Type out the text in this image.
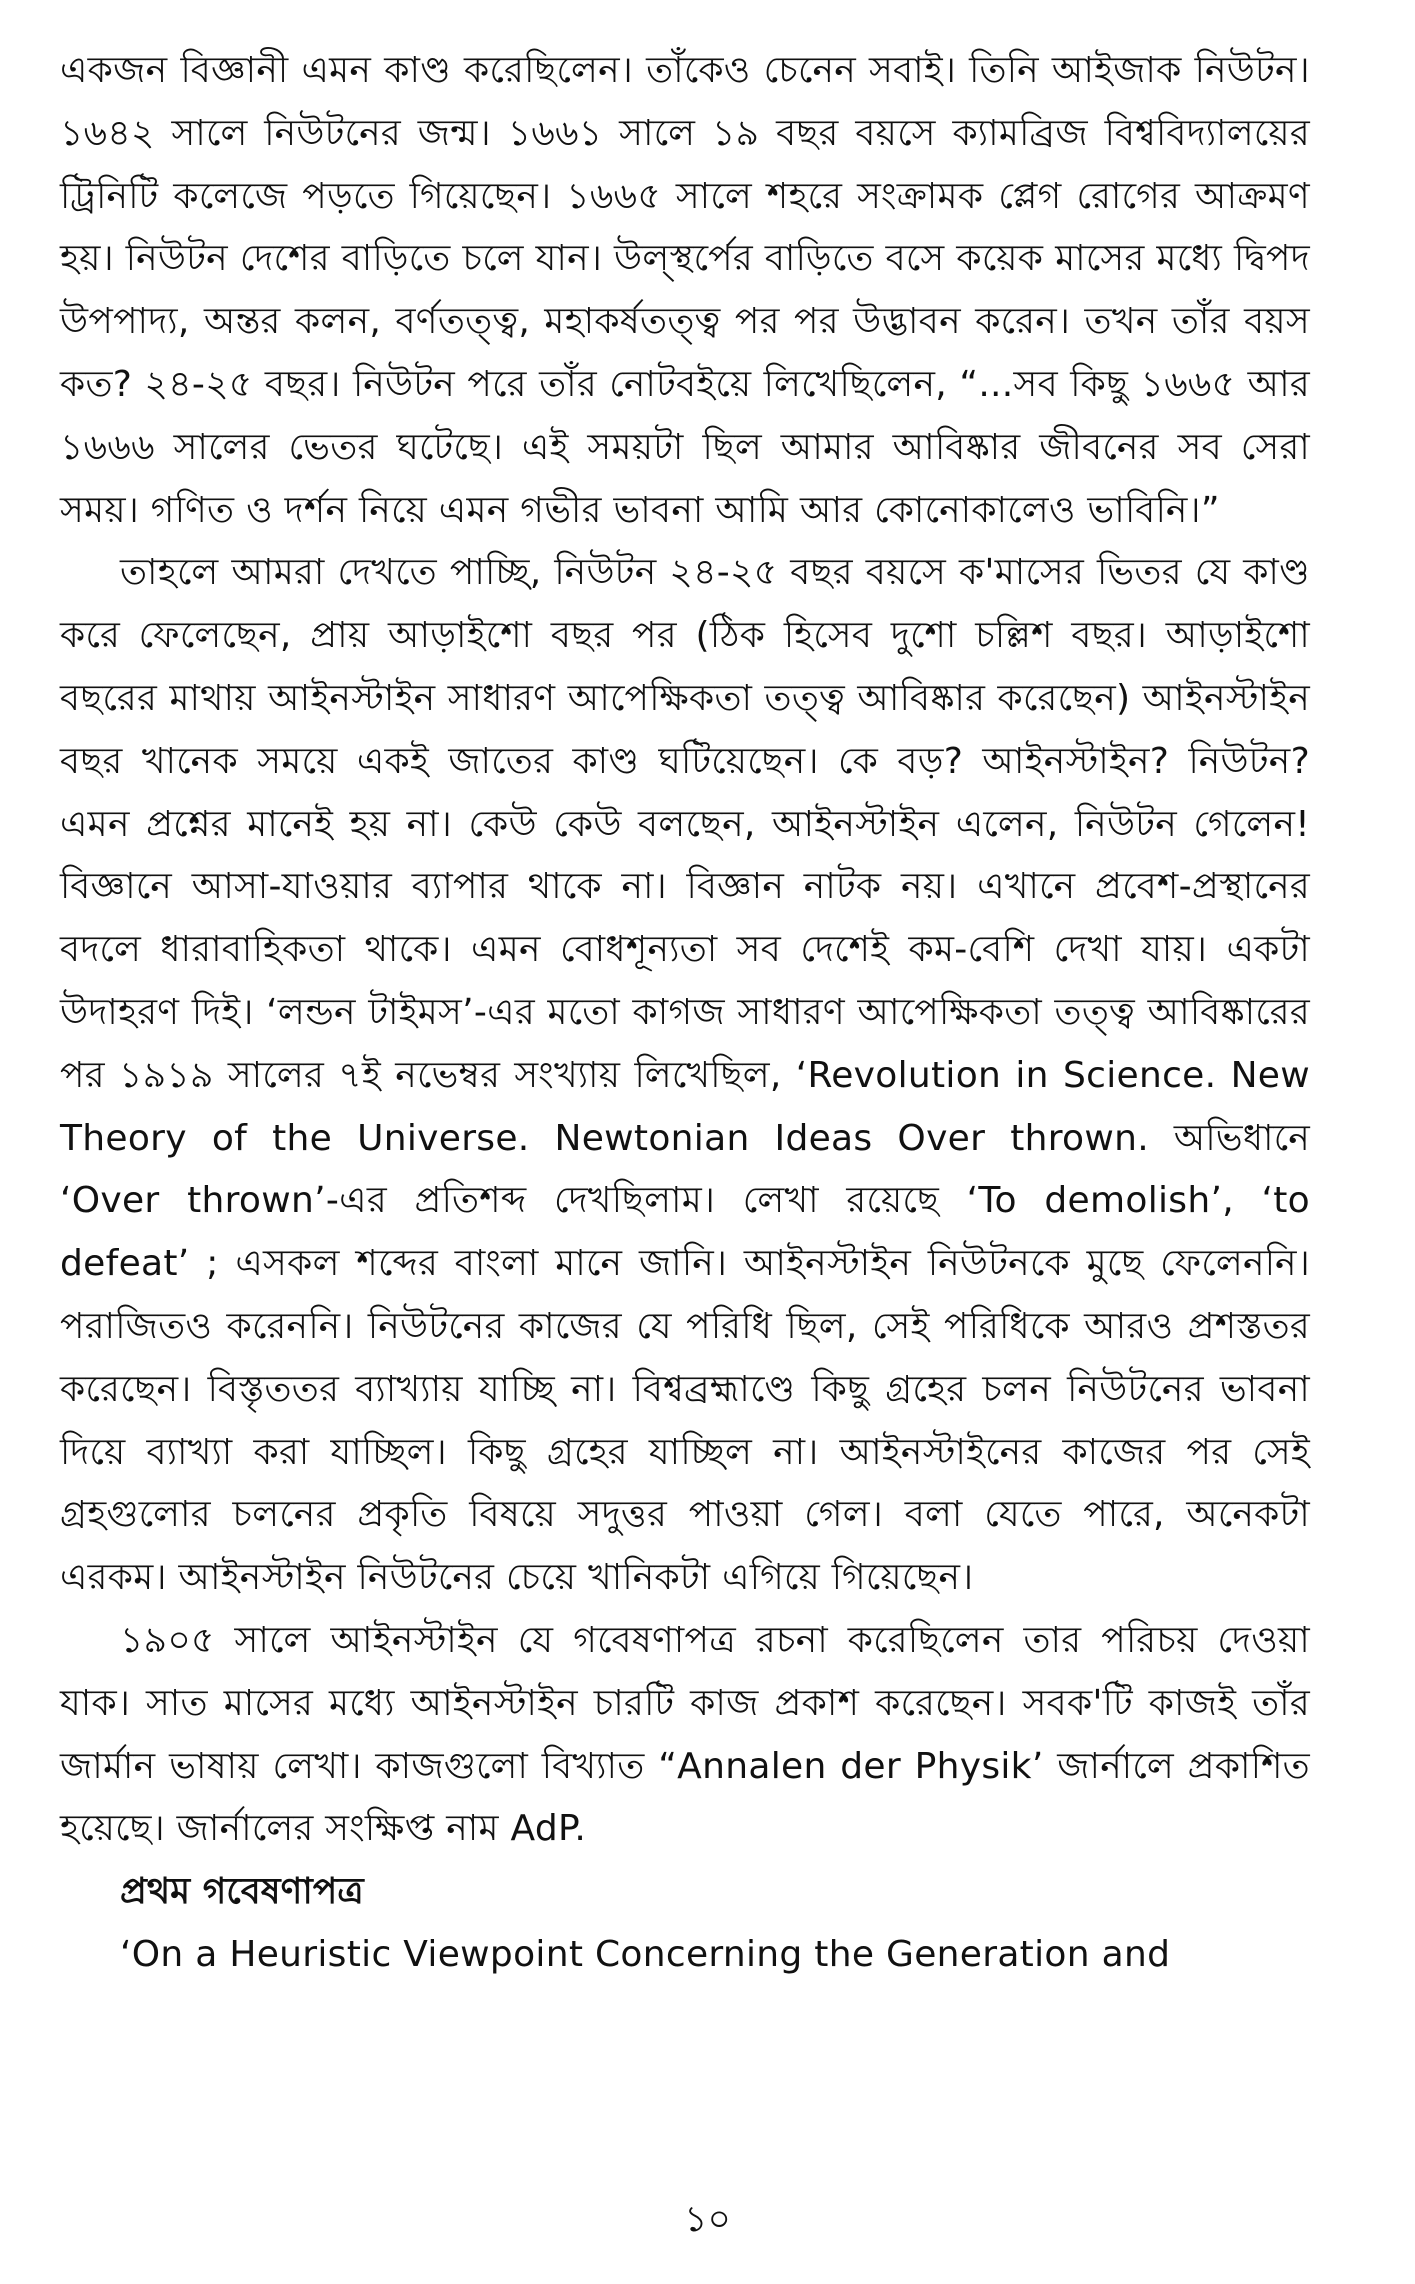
একজন বিজ্ঞানী এমন কাণ্ড করেছিলেন। তাঁকেও চেনেন সবাই। তিনি আইজাক নিউটন। ১৬৪২ সালে নিউটনের জন্ম। ১৬৬১ সালে ১৯ বছর বয়সে ক্যামব্রিজ বিশ্ববিদ্যালয়ের ট্রিনিটি কলেজে পড়তে গিয়েছেন। ১৬৬৫ সালে শহরে সংক্রামক প্লেগ রোগের আক্রমণ হয়। নিউটন দেশের বাড়িতে চলে যান। উল্‌স্থর্পের বাড়িতে বসে কয়েক মাসের মধ্যে দ্বিপদ উপপাদ্য, অন্তর কলন, বর্ণতত্ত্ব, মহাকর্ষতত্ত্ব পর পর উদ্ভাবন করেন। তখন তাঁর বয়স কত? ২৪-২৫ বছর। নিউটন পরে তাঁর নোটবইয়ে লিখেছিলেন, “...সব কিছু ১৬৬৫ আর ১৬৬৬ সালের ভেতর ঘটেছে। এই সময়টা ছিল আমার আবিষ্কার জীবনের সব সেরা সময়। গণিত ও দর্শন নিয়ে এমন গভীর ভাবনা আমি আর কোনোকালেও ভাবিনি।”

তাহলে আমরা দেখতে পাচ্ছি, নিউটন ২৪-২৫ বছর বয়সে ক'মাসের ভিতর যে কাণ্ড করে ফেলেছেন, প্রায় আড়াইশো বছর পর (ঠিক হিসেব দুশো চল্লিশ বছর। আড়াইশো বছরের মাথায় আইনস্টাইন সাধারণ আপেক্ষিকতা তত্ত্ব আবিষ্কার করেছেন) আইনস্টাইন বছর খানেক সময়ে একই জাতের কাণ্ড ঘটিয়েছেন। কে বড়? আইনস্টাইন? নিউটন? এমন প্রশ্নের মানেই হয় না। কেউ কেউ বলছেন, আইনস্টাইন এলেন, নিউটন গেলেন! বিজ্ঞানে আসা-যাওয়ার ব্যাপার থাকে না। বিজ্ঞান নাটক নয়। এখানে প্রবেশ-প্রস্থানের বদলে ধারাবাহিকতা থাকে। এমন বোধশূন্যতা সব দেশেই কম-বেশি দেখা যায়। একটা উদাহরণ দিই। ‘লন্ডন টাইমস’-এর মতো কাগজ সাধারণ আপেক্ষিকতা তত্ত্ব আবিষ্কারের পর ১৯১৯ সালের ৭ই নভেম্বর সংখ্যায় লিখেছিল, ‘Revolution in Science. New Theory of the Universe. Newtonian Ideas Over thrown. অভিধানে ‘Over thrown’-এর প্রতিশব্দ দেখছিলাম। লেখা রয়েছে ‘To demolish’, ‘to defeat’ ; এসকল শব্দের বাংলা মানে জানি। আইনস্টাইন নিউটনকে মুছে ফেলেননি। পরাজিতও করেননি। নিউটনের কাজের যে পরিধি ছিল, সেই পরিধিকে আরও প্রশস্ততর করেছেন। বিস্তৃততর ব্যাখ্যায় যাচ্ছি না। বিশ্বব্রহ্মাণ্ডে কিছু গ্রহের চলন নিউটনের ভাবনা দিয়ে ব্যাখ্যা করা যাচ্ছিল। কিছু গ্রহের যাচ্ছিল না। আইনস্টাইনের কাজের পর সেই গ্রহগুলোর চলনের প্রকৃতি বিষয়ে সদুত্তর পাওয়া গেল। বলা যেতে পারে, অনেকটা এরকম। আইনস্টাইন নিউটনের চেয়ে খানিকটা এগিয়ে গিয়েছেন।

১৯০৫ সালে আইনস্টাইন যে গবেষণাপত্র রচনা করেছিলেন তার পরিচয় দেওয়া যাক। সাত মাসের মধ্যে আইনস্টাইন চারটি কাজ প্রকাশ করেছেন। সবক'টি কাজই তাঁর জার্মান ভাষায় লেখা। কাজগুলো বিখ্যাত “Annalen der Physik’ জার্নালে প্রকাশিত হয়েছে। জার্নালের সংক্ষিপ্ত নাম AdP.

প্রথম গবেষণাপত্র

‘On a Heuristic Viewpoint Concerning the Generation and

১০
